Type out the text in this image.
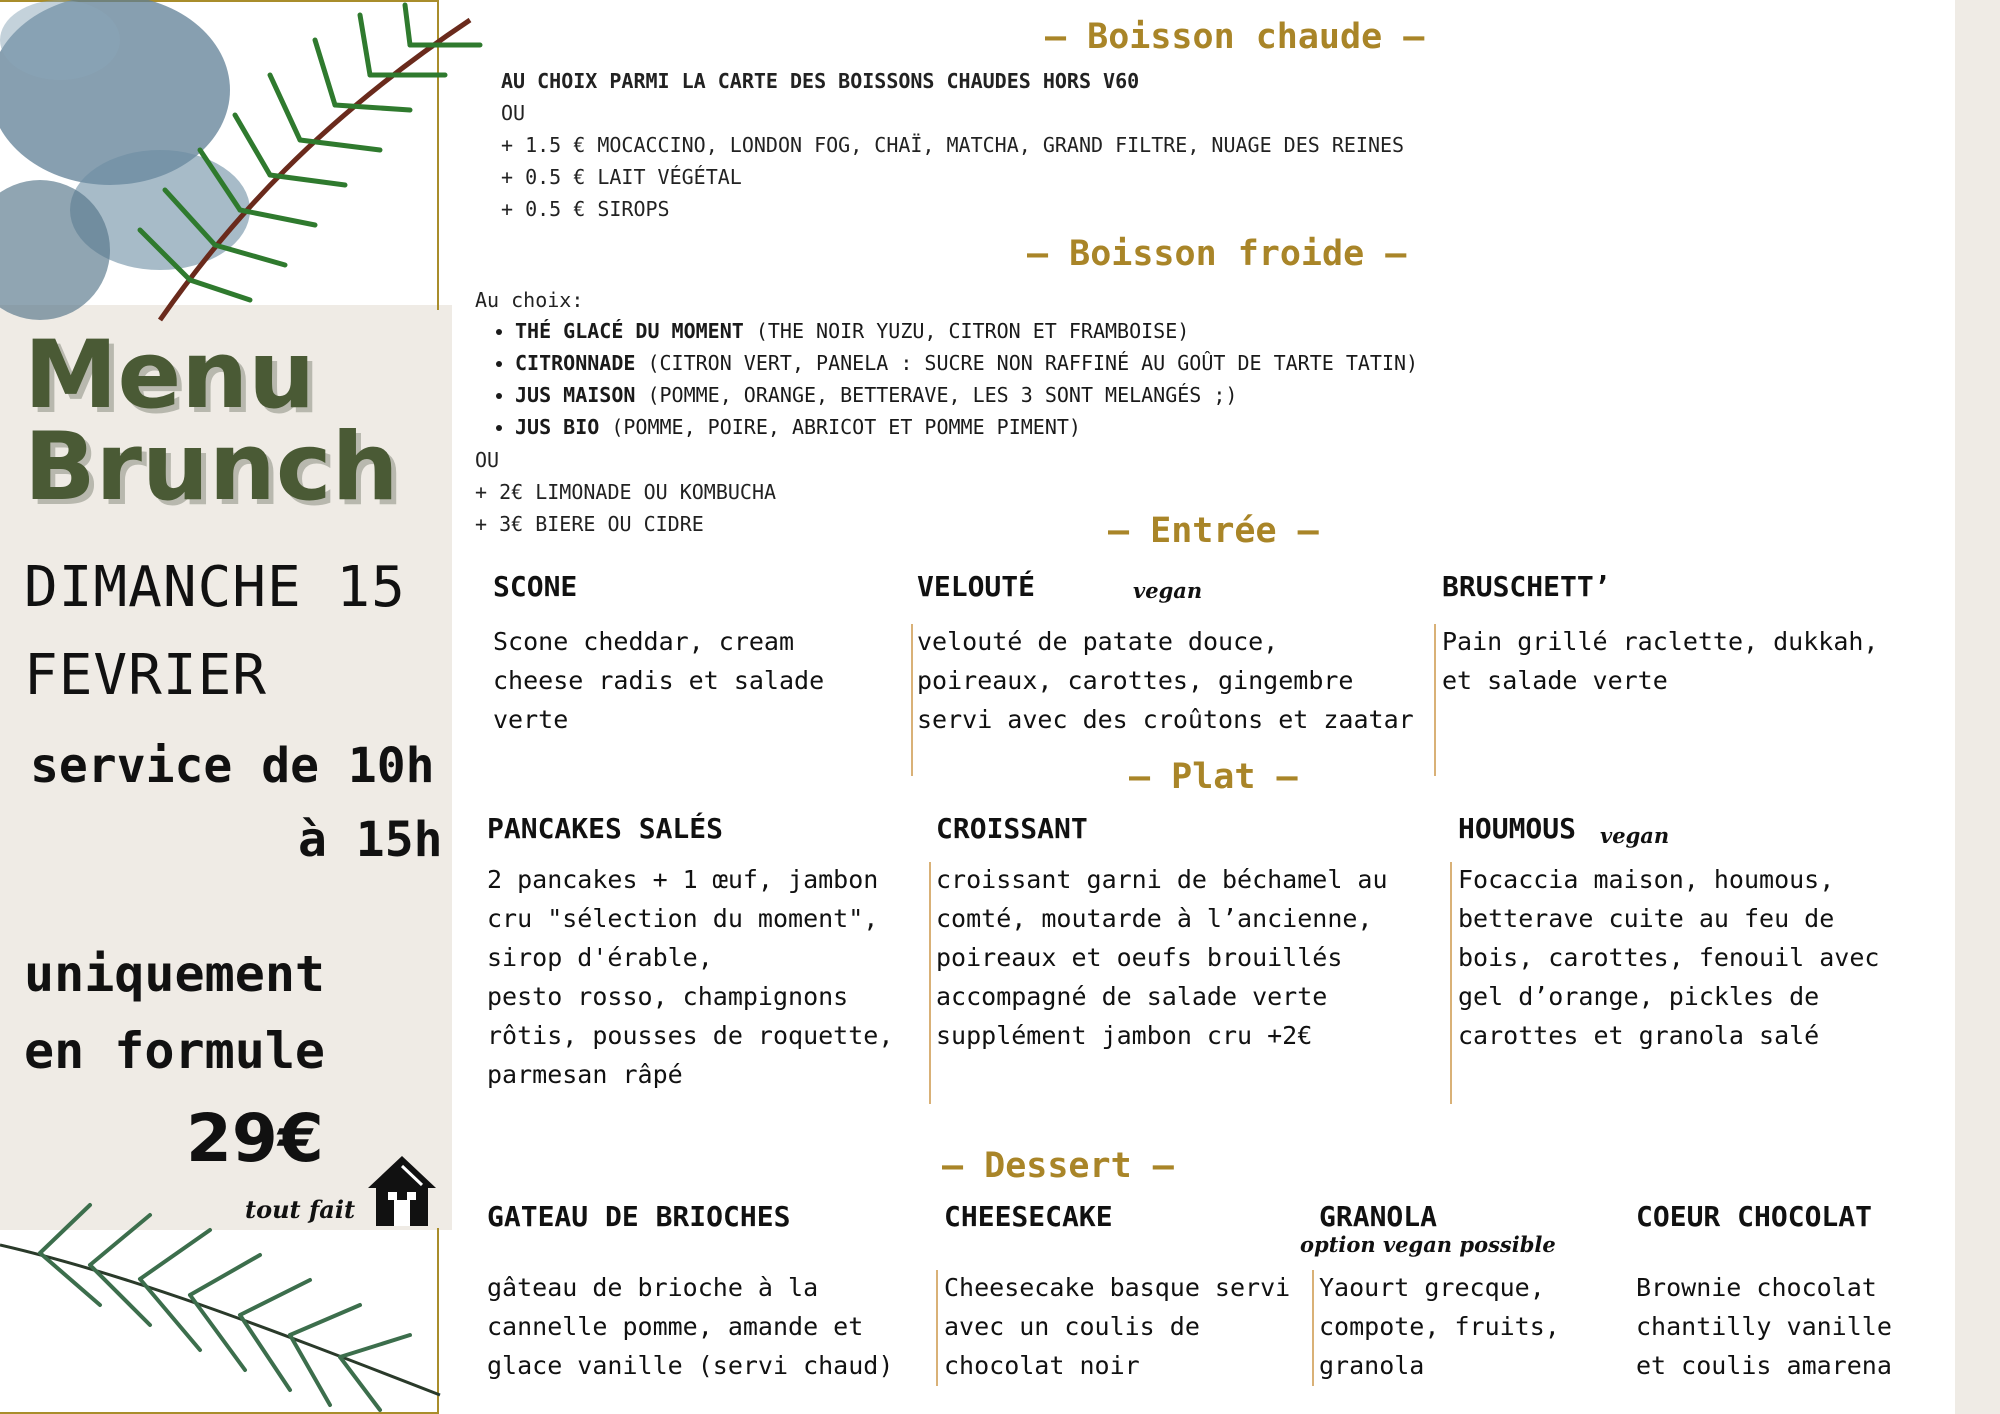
Menu
Brunch
DIMANCHE 15
FEVRIER
service de 10h
à 15h
uniquement
en formule
29€
tout fait
– Boisson chaude –
AU CHOIX PARMI LA CARTE DES BOISSONS CHAUDES HORS V60
OU
+ 1.5 € MOCACCINO, LONDON FOG, CHAÏ, MATCHA, GRAND FILTRE, NUAGE DES REINES
+ 0.5 € LAIT VÉGÉTAL
+ 0.5 € SIROPS
– Boisson froide –
Au choix:
• THÉ GLACÉ DU MOMENT (THE NOIR YUZU, CITRON ET FRAMBOISE)
• CITRONNADE (CITRON VERT, PANELA : SUCRE NON RAFFINÉ AU GOÛT DE TARTE TATIN)
• JUS MAISON (POMME, ORANGE, BETTERAVE, LES 3 SONT MELANGÉS ;)
• JUS BIO (POMME, POIRE, ABRICOT ET POMME PIMENT)
OU
+ 2€ LIMONADE OU KOMBUCHA
+ 3€ BIERE OU CIDRE	– Entrée –
SCONE
Scone cheddar, cream
cheese radis et salade
verte
VELOUTÉ	vegan
velouté de patate douce,
poireaux, carottes, gingembre
servi avec des croûtons et zaatar
BRUSCHETT’
Pain grillé raclette, dukkah,
et salade verte
– Plat –
PANCAKES SALÉS
2 pancakes + 1 œuf, jambon
cru "sélection du moment",
sirop d'érable,
pesto rosso, champignons
rôtis, pousses de roquette,
parmesan râpé
CROISSANT
croissant garni de béchamel au
comté, moutarde à l’ancienne,
poireaux et oeufs brouillés
accompagné de salade verte
supplément jambon cru +2€
HOUMOUS vegan
Focaccia maison, houmous,
betterave cuite au feu de
bois, carottes, fenouil avec
gel d’orange, pickles de
carottes et granola salé
– Dessert –
GATEAU DE BRIOCHES
gâteau de brioche à la
cannelle pomme, amande et
glace vanille (servi chaud)
CHEESECAKE
Cheesecake basque servi
avec un coulis de
chocolat noir
GRANOLA
option vegan possible
Yaourt grecque,
compote, fruits,
granola
COEUR CHOCOLAT
Brownie chocolat
chantilly vanille
et coulis amarena
